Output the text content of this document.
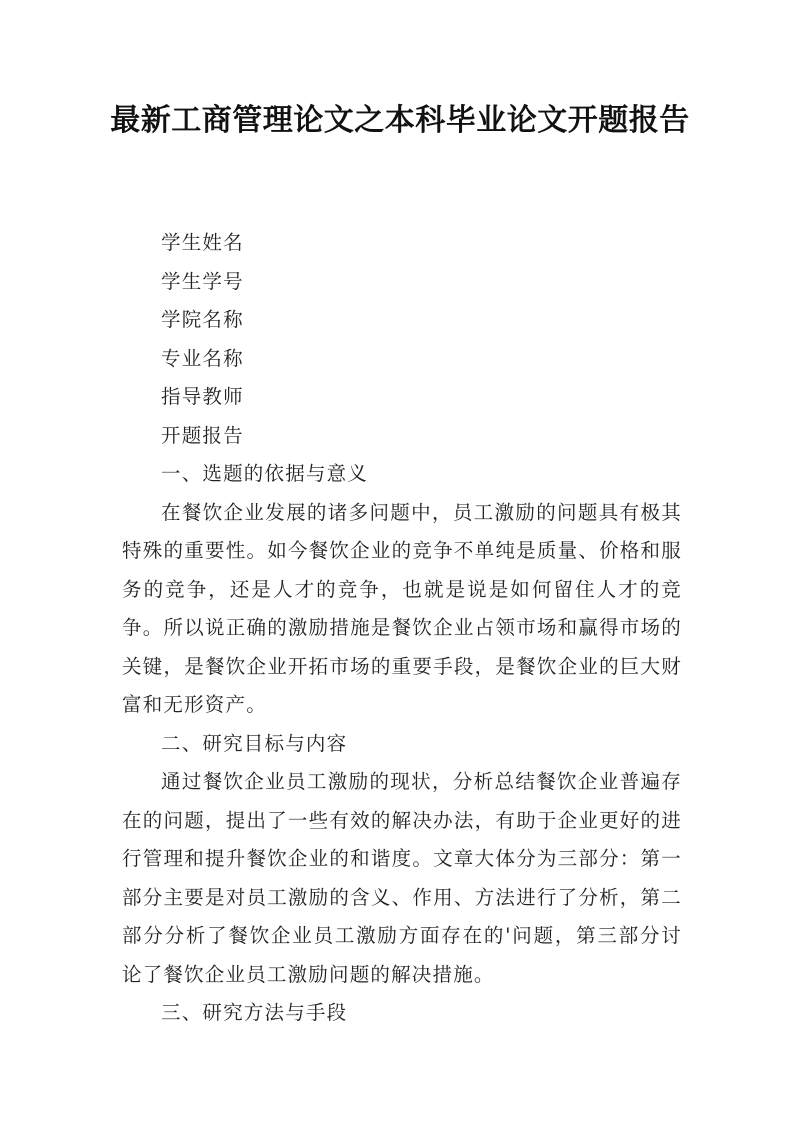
最新工商管理论文之本科毕业论文开题报告

学生姓名

学生学号

学院名称

专业名称

指导教师

开题报告

一、选题的依据与意义

在餐饮企业发展的诸多问题中，员工激励的问题具有极其特殊的重要性。如今餐饮企业的竞争不单纯是质量、价格和服务的竞争，还是人才的竞争，也就是说是如何留住人才的竞争。所以说正确的激励措施是餐饮企业占领市场和赢得市场的关键，是餐饮企业开拓市场的重要手段，是餐饮企业的巨大财富和无形资产。

二、研究目标与内容

通过餐饮企业员工激励的现状，分析总结餐饮企业普遍存在的问题，提出了一些有效的解决办法，有助于企业更好的进行管理和提升餐饮企业的和谐度。文章大体分为三部分：第一部分主要是对员工激励的含义、作用、方法进行了分析，第二部分分析了餐饮企业员工激励方面存在的'问题，第三部分讨论了餐饮企业员工激励问题的解决措施。

三、研究方法与手段
